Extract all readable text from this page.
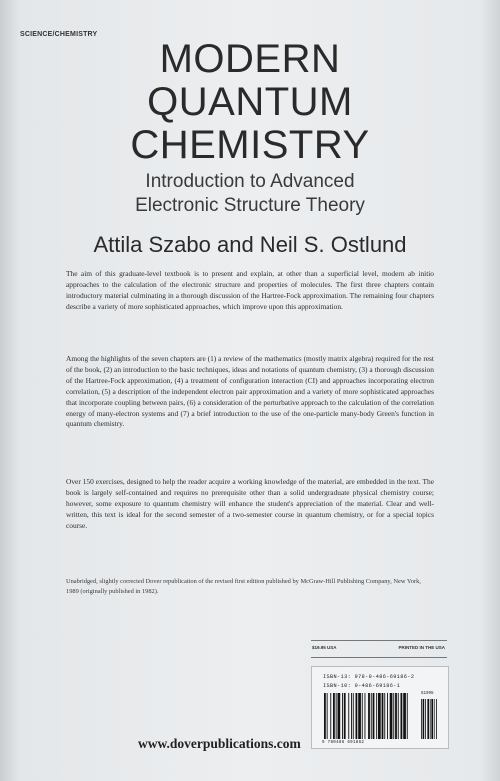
SCIENCE/CHEMISTRY
MODERN
QUANTUM
CHEMISTRY
Introduction to Advanced
Electronic Structure Theory
Attila Szabo and Neil S. Ostlund

The aim of this graduate-level textbook is to present and explain, at other than a superficial level, modern ab initio approaches to the calculation of the electronic structure and properties of molecules. The first three chapters contain introductory material culminating in a thorough discussion of the Hartree-Fock approximation. The remaining four chapters describe a variety of more sophisticated approaches, which improve upon this approximation.

Among the highlights of the seven chapters are (1) a review of the mathematics (mostly matrix algebra) required for the rest of the book, (2) an introduction to the basic techniques, ideas and notations of quantum chemistry, (3) a thorough discussion of the Hartree-Fock approximation, (4) a treatment of configuration interaction (CI) and approaches incorporating electron correlation, (5) a description of the independent electron pair approximation and a variety of more sophisticated approaches that incorporate coupling between pairs, (6) a consideration of the perturbative approach to the calculation of the correlation energy of many-electron systems and (7) a brief introduction to the use of the one-particle many-body Green's function in quantum chemistry.

Over 150 exercises, designed to help the reader acquire a working knowledge of the material, are embedded in the text. The book is largely self-contained and requires no prerequisite other than a solid undergraduate physical chemistry course; however, some exposure to quantum chemistry will enhance the student's appreciation of the material. Clear and well-written, this text is ideal for the second semester of a two-semester course in quantum chemistry, or for a special topics course.

Unabridged, slightly corrected Dover republication of the revised first edition published by McGraw-Hill Publishing Company, New York, 1989 (originally published in 1982).

$19.95 USA	PRINTED IN THE USA
ISBN-13: 978-0-486-69186-2
ISBN-10: 0-486-69186-1
51995
9 780486 691862
www.doverpublications.com
